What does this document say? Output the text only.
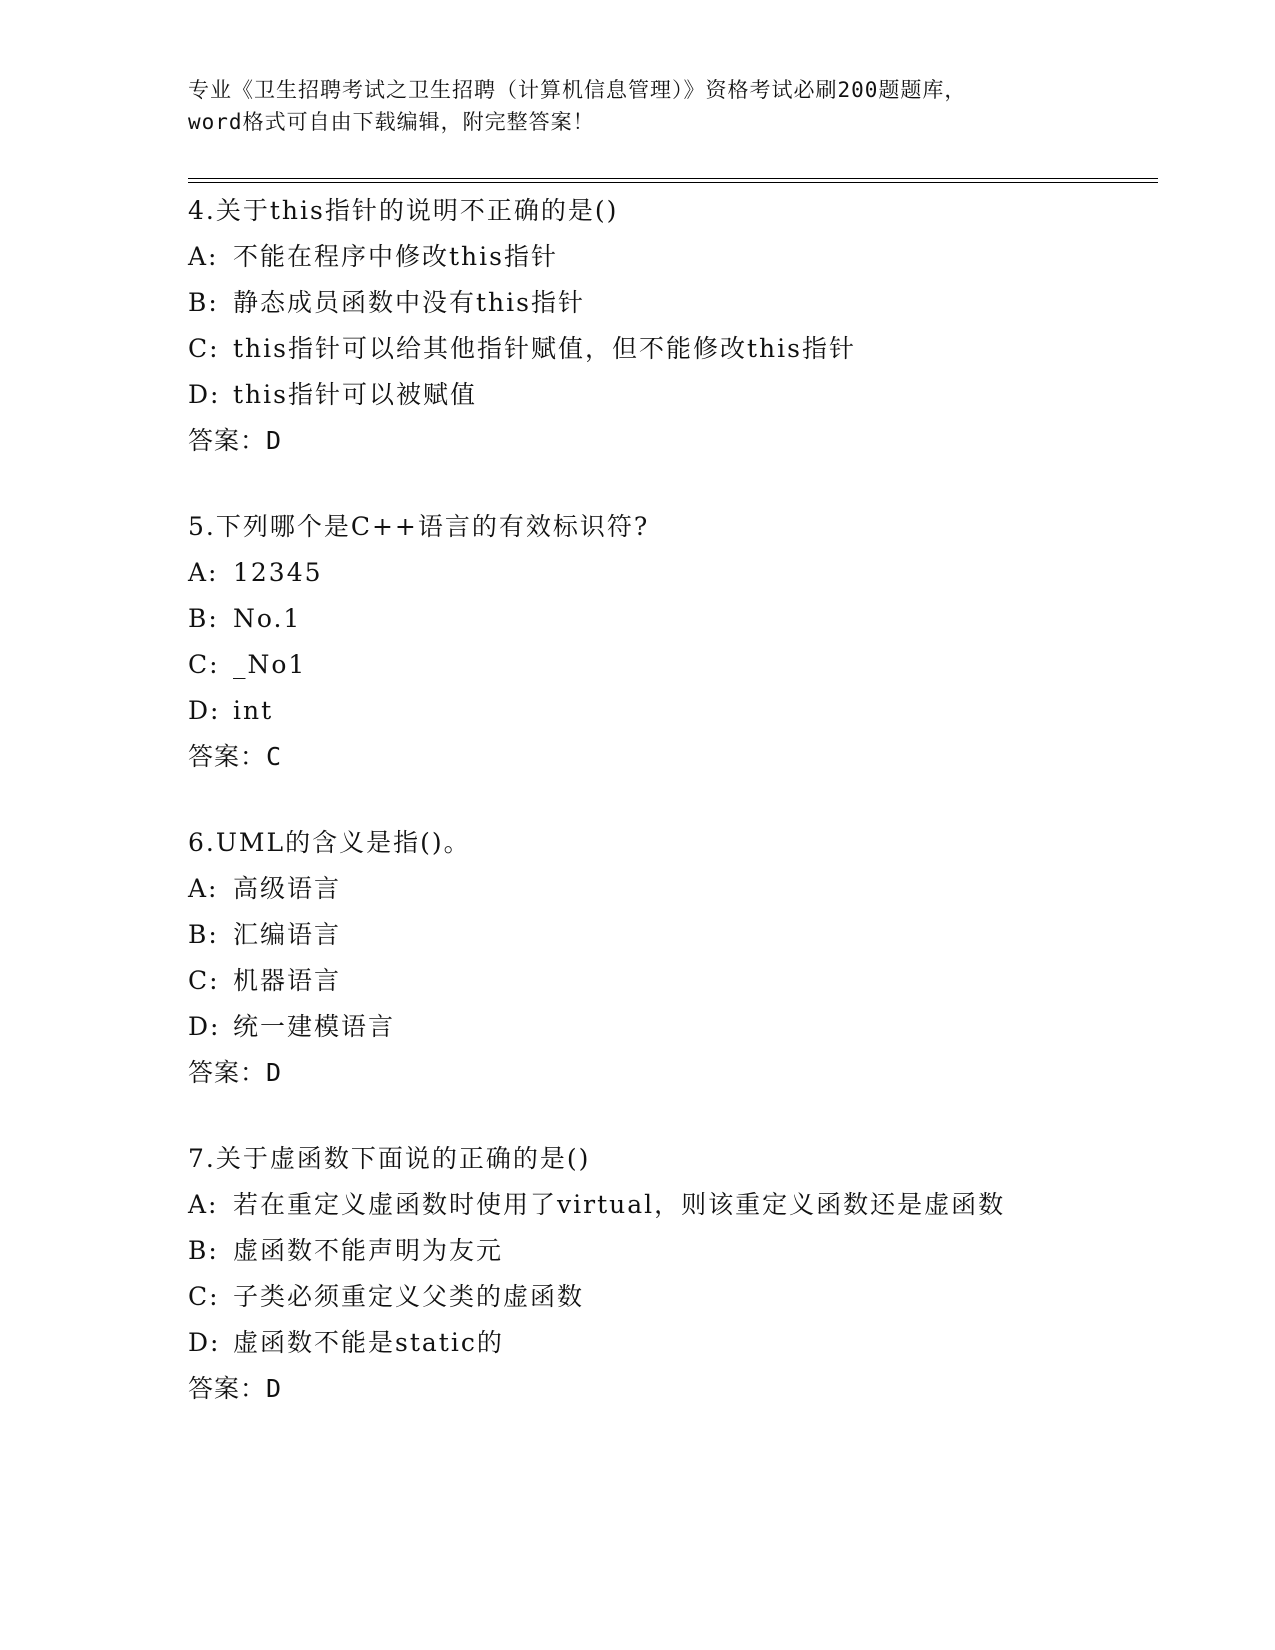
专业《卫生招聘考试之卫生招聘（计算机信息管理）》资格考试必刷200题题库，
word格式可自由下载编辑，附完整答案！
4.关于this指针的说明不正确的是()
A: 不能在程序中修改this指针
B: 静态成员函数中没有this指针
C: this指针可以给其他指针赋值，但不能修改this指针
D: this指针可以被赋值
答案：D
5.下列哪个是C++语言的有效标识符?
A: 12345
B: No.1
C: _No1
D: int
答案：C
6.UML的含义是指()。
A: 高级语言
B: 汇编语言
C: 机器语言
D: 统一建模语言
答案：D
7.关于虚函数下面说的正确的是()
A: 若在重定义虚函数时使用了virtual，则该重定义函数还是虚函数
B: 虚函数不能声明为友元
C: 子类必须重定义父类的虚函数
D: 虚函数不能是static的
答案：D
